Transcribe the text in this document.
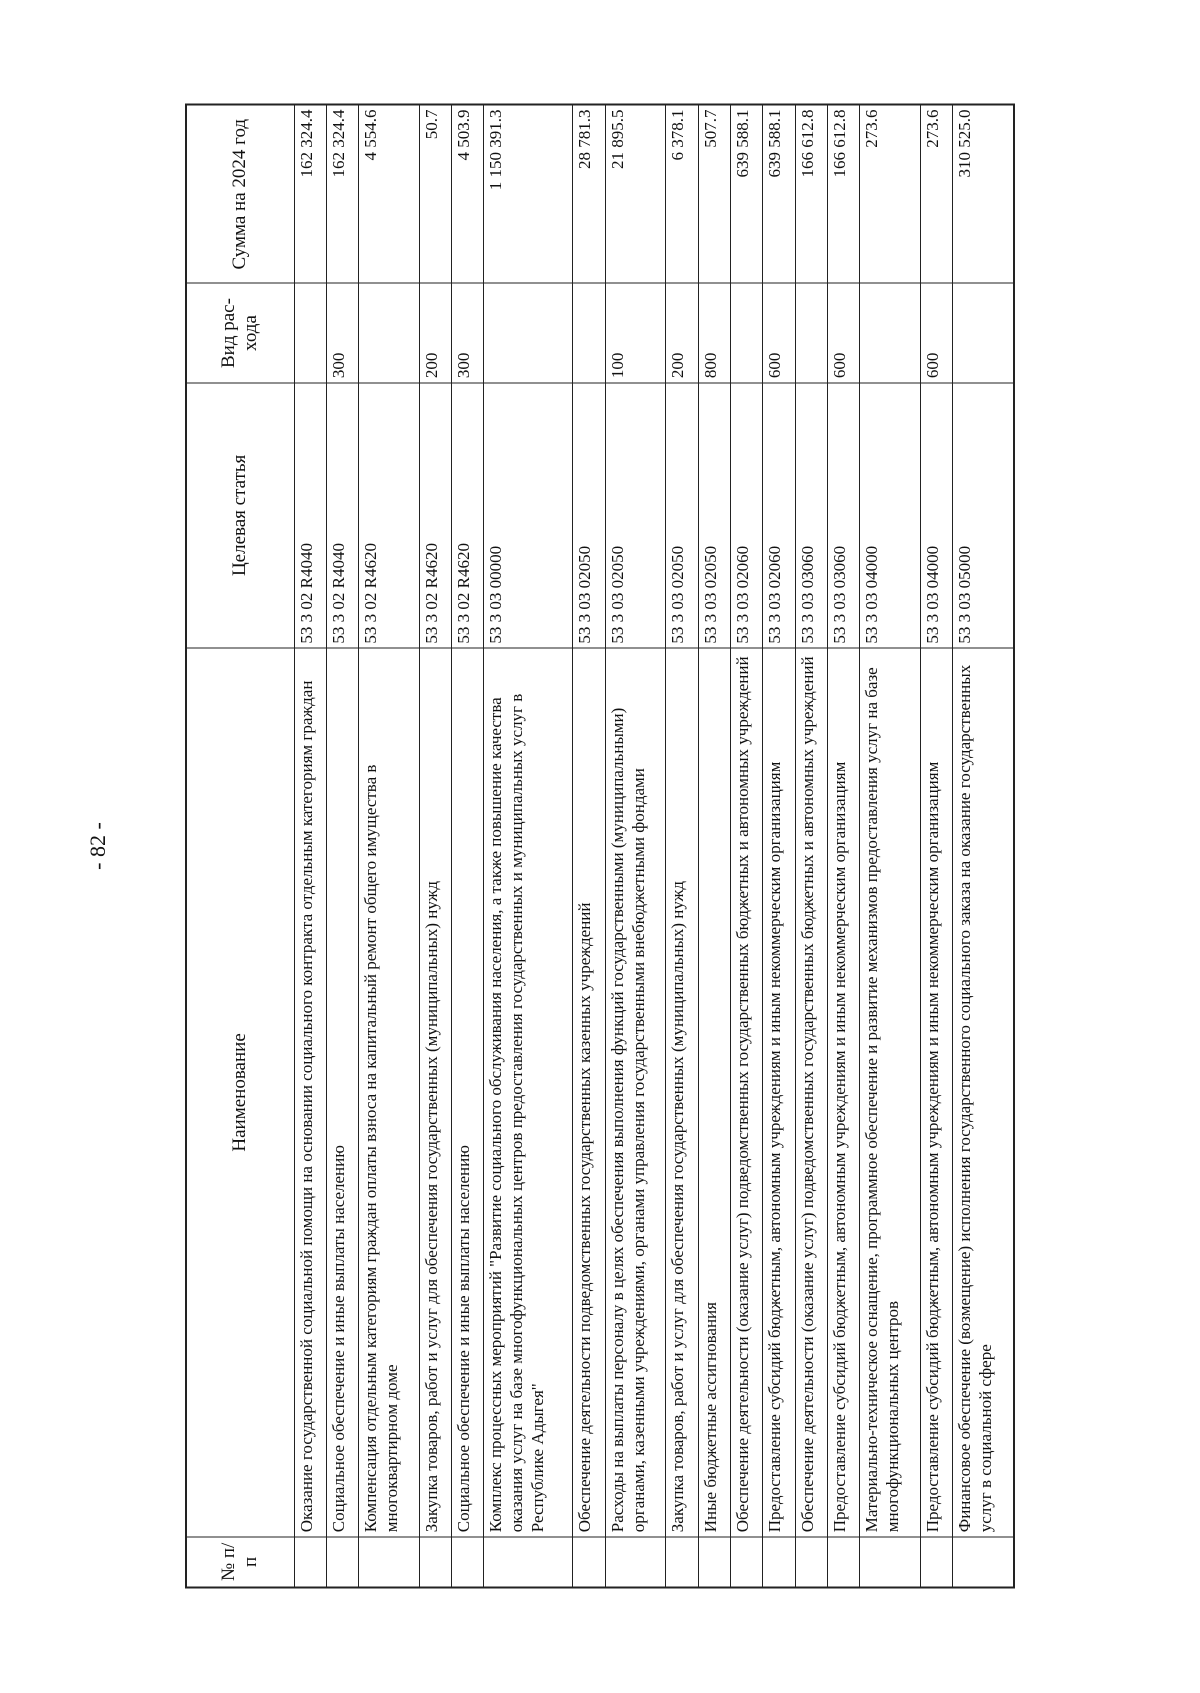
- 82 -
№ п/п	Наименование	Целевая статья	Вид рас-хода	Сумма на 2024 год
	Оказание государственной социальной помощи на основании социального контракта отдельным категориям граждан	53 3 02 R4040		162 324.4
	Социальное обеспечение и иные выплаты населению	53 3 02 R4040	300	162 324.4
	Компенсация отдельным категориям граждан оплаты взноса на капитальный ремонт общего имущества в многоквартирном доме	53 3 02 R4620		4 554.6
	Закупка товаров, работ и услуг для обеспечения государственных (муниципальных) нужд	53 3 02 R4620	200	50.7
	Социальное обеспечение и иные выплаты населению	53 3 02 R4620	300	4 503.9
	Комплекс процессных мероприятий "Развитие социального обслуживания населения, а также повышение качества оказания услуг на базе многофункциональных центров предоставления государственных и муниципальных услуг в Республике Адыгея"	53 3 03 00000		1 150 391.3
	Обеспечение деятельности подведомственных государственных казенных учреждений	53 3 03 02050		28 781.3
	Расходы на выплаты персоналу в целях обеспечения выполнения функций государственными (муниципальными) органами, казенными учреждениями, органами управления государственными внебюджетными фондами	53 3 03 02050	100	21 895.5
	Закупка товаров, работ и услуг для обеспечения государственных (муниципальных) нужд	53 3 03 02050	200	6 378.1
	Иные бюджетные ассигнования	53 3 03 02050	800	507.7
	Обеспечение деятельности (оказание услуг) подведомственных государственных бюджетных и автономных учреждений	53 3 03 02060		639 588.1
	Предоставление субсидий бюджетным, автономным учреждениям и иным некоммерческим организациям	53 3 03 02060	600	639 588.1
	Обеспечение деятельности (оказание услуг) подведомственных государственных бюджетных и автономных учреждений	53 3 03 03060		166 612.8
	Предоставление субсидий бюджетным, автономным учреждениям и иным некоммерческим организациям	53 3 03 03060	600	166 612.8
	Материально-техническое оснащение, программное обеспечение и развитие механизмов предоставления услуг на базе многофункциональных центров	53 3 03 04000		273.6
	Предоставление субсидий бюджетным, автономным учреждениям и иным некоммерческим организациям	53 3 03 04000	600	273.6
	Финансовое обеспечение (возмещение) исполнения государственного социального заказа на оказание государственных услуг в социальной сфере	53 3 03 05000		310 525.0
